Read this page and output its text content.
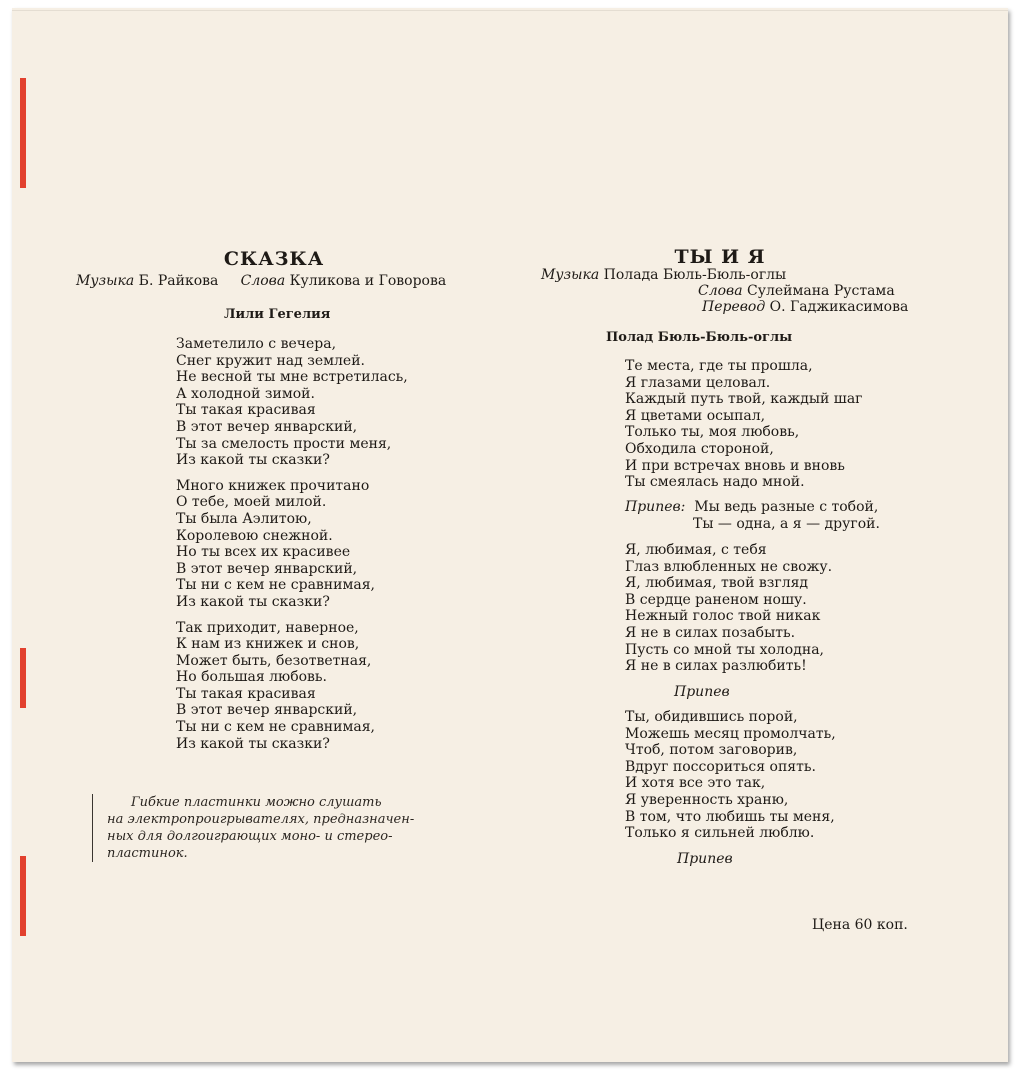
СКАЗКА
Музыка Б. Райкова Слова Куликова и Говорова
Лили Гегелия
Заметелило с вечера,
Снег кружит над землей.
Не весной ты мне встретилась,
А холодной зимой.
Ты такая красивая
В этот вечер январский,
Ты за смелость прости меня,
Из какой ты сказки?
Много книжек прочитано
О тебе, моей милой.
Ты была Аэлитою,
Королевою снежной.
Но ты всех их красивее
В этот вечер январский,
Ты ни с кем не сравнимая,
Из какой ты сказки?
Так приходит, наверное,
К нам из книжек и снов,
Может быть, безответная,
Но большая любовь.
Ты такая красивая
В этот вечер январский,
Ты ни с кем не сравнимая,
Из какой ты сказки?
Гибкие пластинки можно слушать
на электропроигрывателях, предназначен-
ных для долгоиграющих моно- и стерео-
пластинок.
ТЫ И Я
Музыка Полада Бюль-Бюль-оглы
Слова Сулеймана Рустама
Перевод О. Гаджикасимова
Полад Бюль-Бюль-оглы
Те места, где ты прошла,
Я глазами целовал.
Каждый путь твой, каждый шаг
Я цветами осыпал,
Только ты, моя любовь,
Обходила стороной,
И при встречах вновь и вновь
Ты смеялась надо мной.
Припев: Мы ведь разные с тобой,
Ты — одна, а я — другой.
Я, любимая, с тебя
Глаз влюбленных не свожу.
Я, любимая, твой взгляд
В сердце раненом ношу.
Нежный голос твой никак
Я не в силах позабыть.
Пусть со мной ты холодна,
Я не в силах разлюбить!
Припев
Ты, обидившись порой,
Можешь месяц промолчать,
Чтоб, потом заговорив,
Вдруг поссориться опять.
И хотя все это так,
Я уверенность храню,
В том, что любишь ты меня,
Только я сильней люблю.
Припев
Цена 60 коп.
